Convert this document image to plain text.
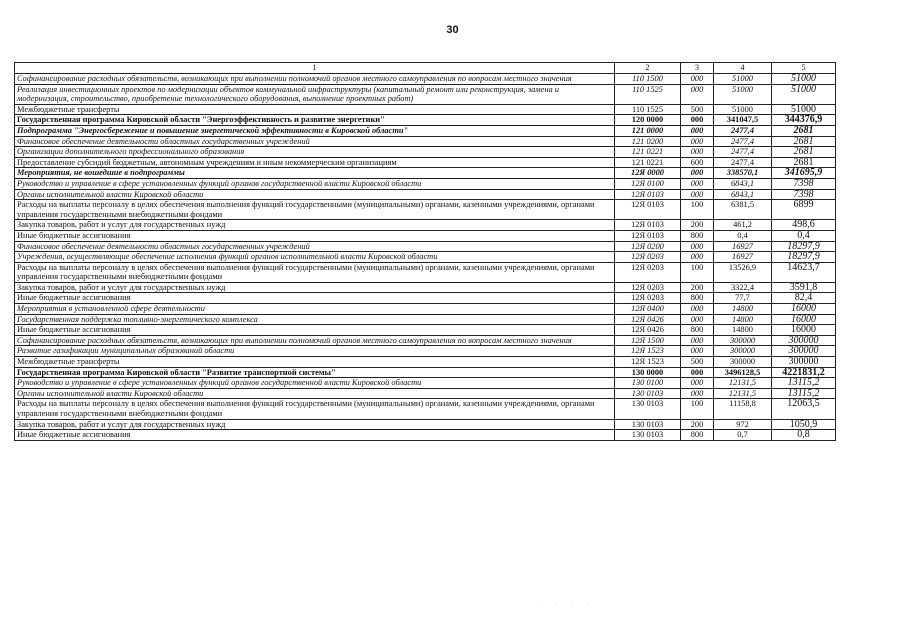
30
1	2	3	4	5
Софинансирование расходных обязательств, возникающих при выполнении полномочий органов местного самоуправления по вопросам местного значения	110 1500	000	51000	51000
Реализация инвестиционных проектов по модернизации объектов коммунальной инфраструктуры (капитальный ремонт или реконструкция, замена и модернизация, строительство, приобретение технологического оборудования, выполнение проектных работ)	110 1525	000	51000	51000
Межбюджетные трансферты	110 1525	500	51000	51000
Государственная программа Кировской области "Энергоэффективность и развитие энергетики"	120 0000	000	341047,5	344376,9
Подпрограмма "Энергосбережение и повышение энергетической эффективности в Кировской области"	121 0000	000	2477,4	2681
Финансовое обеспечение деятельности областных государственных учреждений	121 0200	000	2477,4	2681
Организации дополнительного профессионального образования	121 0221	000	2477,4	2681
Предоставление субсидий бюджетным, автономным учреждениям и иным некоммерческим организациям	121 0221	600	2477,4	2681
Мероприятия, не вошедшие в подпрограммы	12Я 0000	000	338570,1	341695,9
Руководство и управление в сфере установленных функций органов государственной власти Кировской области	12Я 0100	000	6843,1	7398
Органы исполнительной власти Кировской области	12Я 0103	000	6843,1	7398
Расходы на выплаты персоналу в целях обеспечения выполнения функций государственными (муниципальными) органами, казенными учреждениями, органами управления государственными внебюджетными фондами	12Я 0103	100	6381,5	6899
Закупка товаров, работ и услуг для государственных нужд	12Я 0103	200	461,2	498,6
Иные бюджетные ассигнования	12Я 0103	800	0,4	0,4
Финансовое обеспечение деятельности областных государственных учреждений	12Я 0200	000	16927	18297,9
Учреждения, осуществляющие обеспечение исполнения функций органов исполнительной власти Кировской области	12Я 0203	000	16927	18297,9
Расходы на выплаты персоналу в целях обеспечения выполнения функций государственными (муниципальными) органами, казенными учреждениями, органами управления государственными внебюджетными фондами	12Я 0203	100	13526,9	14623,7
Закупка товаров, работ и услуг для государственных нужд	12Я 0203	200	3322,4	3591,8
Иные бюджетные ассигнования	12Я 0203	800	77,7	82,4
Мероприятия в установленной сфере деятельности	12Я 0400	000	14800	16000
Государственная поддержка топливно-энергетического комплекса	12Я 0426	000	14800	16000
Иные бюджетные ассигнования	12Я 0426	800	14800	16000
Софинансирование расходных обязательств, возникающих при выполнении полномочий органов местного самоуправления по вопросам местного значения	12Я 1500	000	300000	300000
Развитие газификации муниципальных образований области	12Я 1523	000	300000	300000
Межбюджетные трансферты	12Я 1523	500	300000	300000
Государственная программа Кировской области "Развитие транспортной системы"	130 0000	000	3496128,5	4221831,2
Руководство и управление в сфере установленных функций органов государственной власти Кировской области	130 0100	000	12131,5	13115,2
Органы исполнительной власти Кировской области	130 0103	000	12131,5	13115,2
Расходы на выплаты персоналу в целях обеспечения выполнения функций государственными (муниципальными) органами, казенными учреждениями, органами управления государственными внебюджетными фондами	130 0103	100	11158,8	12063,5
Закупка товаров, работ и услуг для государственных нужд	130 0103	200	972	1050,9
Иные бюджетные ассигнования	130 0103	800	0,7	0,8
· · · ·
